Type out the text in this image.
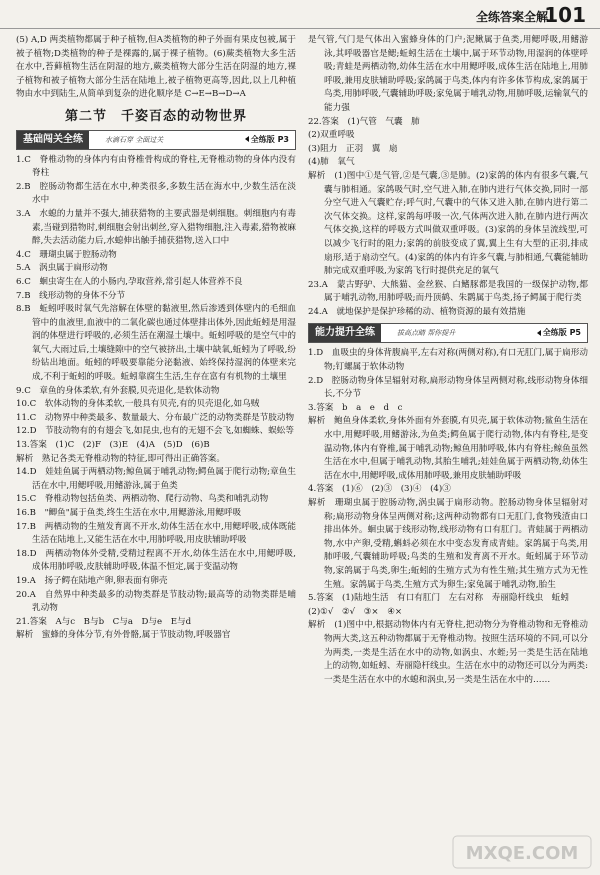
全练答案全解
101

(5) A,D 两类植物都属于种子植物,但A类植物的种子外面有果皮包被,属于被子植物;D类植物的种子是裸露的,属于裸子植物。(6)蕨类植物大多生活在水中,苔藓植物生活在阴湿的地方,蕨类植物大部分生活在阴湿的地方,裸子植物和被子植物大部分生活在陆地上,被子植物更高等,因此,以上几种植物由水中到陆生,从简单到复杂的进化顺序是 C→E→B→D→A

第二节　千姿百态的动物世界
基础闯关全练	水滴石穿 全面过关	全练版 P3

1.C　脊椎动物的身体内有由脊椎骨构成的脊柱,无脊椎动物的身体内没有脊柱

2.B　腔肠动物都生活在水中,种类很多,多数生活在海水中,少数生活在淡水中

3.A　水螅的力量并不强大,捕获猎物的主要武器是刺细胞。刺细胞内有毒素,当碰到猎物时,刺细胞会射出刺丝,穿入猎物细胞,注入毒素,猎物被麻醉,失去活动能力后,水螅伸出触手捕获猎物,送入口中

4.C　珊瑚虫属于腔肠动物

5.A　涡虫属于扁形动物

6.C　蛔虫寄生在人的小肠内,孕取营养,常引起人体营养不良

7.B　线形动物的身体不分节

8.B　蚯蚓呼吸时氧气先溶解在体壁的黏液里,然后渗透到体壁内的毛细血管中的血液里,血液中的二氧化碳也通过体壁排出体外,因此蚯蚓是用湿润的体壁进行呼吸的,必须生活在潮湿土壤中。蚯蚓呼吸的是空气中的氧气,大雨过后,土壤缝隙中的空气被挤出,土壤中缺氧,蚯蚓为了呼吸,纷纷钻出地面。蚯蚓的呼吸要靠能分泌黏液、始终保持湿润的体壁来完成,不利于蚯蚓的呼吸。蚯蚓靠腐生生活,生存在富有有机物的土壤里

9.C　章鱼的身体柔软,有外套膜,贝壳退化,是软体动物

10.C　软体动物的身体柔软,一般具有贝壳,有的贝壳退化,如乌贼

11.C　动物界中种类最多、数量最大、分布最广泛的动物类群是节肢动物

12.D　节肢动物有的有翅会飞,如昆虫,也有的无翅不会飞,如蜘蛛、蜈蚣等

13.答案　(1)C　(2)F　(3)E　(4)A　(5)D　(6)B

解析　熟记各类无脊椎动物的特征,即可得出正确答案。

14.D　娃娃鱼属于两栖动物;鲸鱼属于哺乳动物;鳄鱼属于爬行动物;章鱼生活在水中,用鳃呼吸,用鳍游泳,属于鱼类

15.C　脊椎动物包括鱼类、两栖动物、爬行动物、鸟类和哺乳动物

16.B　"鲫鱼"属于鱼类,终生生活在水中,用鳃游泳,用鳃呼吸

17.B　两栖动物的生殖发育离不开水,幼体生活在水中,用鳃呼吸,成体既能生活在陆地上,又能生活在水中,用肺呼吸,用皮肤辅助呼吸

18.D　两栖动物体外受精,受精过程离不开水,幼体生活在水中,用鳃呼吸,成体用肺呼吸,皮肤辅助呼吸,体温不恒定,属于变温动物

19.A　扬子鳄在陆地产卵,卵表面有卵壳

20.A　自然界中种类最多的动物类群是节肢动物;最高等的动物类群是哺乳动物

21.答案　A与c　B与b　C与a　D与e　E与d

解析　蜜蜂的身体分节,有外骨骼,属于节肢动物,呼吸器官

是气管,气门是气体出入蜜蜂身体的门户;泥鳅属于鱼类,用鳃呼吸,用鳍游泳,其呼吸器官是鳃;蚯蚓生活在土壤中,属于环节动物,用湿润的体壁呼吸;青蛙是两栖动物,幼体生活在水中用鳃呼吸,成体生活在陆地上,用肺呼吸,兼用皮肤辅助呼吸;家鸽属于鸟类,体内有许多体节构成,家鸽属于鸟类,用肺呼吸,气囊辅助呼吸;家兔属于哺乳动物,用肺呼吸,运输氧气的能力强

22.答案　(1)气管　气囊　肺

(2)双重呼吸

(3)阻力　正羽　翼　扇

(4)肺　氧气

解析　(1)图中①是气管,②是气囊,③是肺。(2)家鸽的体内有很多气囊,气囊与肺相通。家鸽吸气时,空气进入肺,在肺内进行气体交换,同时一部分空气进入气囊贮存;呼气时,气囊中的气体又进入肺,在肺内进行第二次气体交换。这样,家鸽每呼吸一次,气体两次进入肺,在肺内进行两次气体交换,这样的呼吸方式叫做双重呼吸。(3)家鸽的身体呈流线型,可以减少飞行时的阻力;家鸽的前肢变成了翼,翼上生有大型的正羽,排成扇形,适于扇动空气。(4)家鸽的体内有许多气囊,与肺相通,气囊能辅助肺完成双重呼吸,为家鸽飞行时提供充足的氧气

23.A　蒙古野驴、大熊猫、金丝猴、白鳍豚都是我国的一级保护动物,都属于哺乳动物,用肺呼吸;而丹顶鹤、朱鹮属于鸟类,扬子鳄属于爬行类

24.A　就地保护是保护珍稀的动、植物资源的最有效措施

能力提升全练	拔高点睛 帮你提升	全练版 P5

1.D　血吸虫的身体背腹扁平,左右对称(两侧对称),有口无肛门,属于扁形动物;钉螺属于软体动物

2.D　腔肠动物身体呈辐射对称,扁形动物身体呈两侧对称,线形动物身体细长,不分节

3.答案　b　a　e　d　c

解析　鲍鱼身体柔软,身体外面有外套膜,有贝壳,属于软体动物;鲨鱼生活在水中,用鳃呼吸,用鳍游泳,为鱼类;鳄鱼属于爬行动物,体内有脊柱,是变温动物,体内有脊椎,属于哺乳动物;鲸鱼用肺呼吸,体内有脊柱;鲸鱼虽然生活在水中,但属于哺乳动物,其胎生哺乳;娃娃鱼属于两栖动物,幼体生活在水中,用鳃呼吸,成体用肺呼吸,兼用皮肤辅助呼吸

4.答案　(1)⑥　(2)③　(3)④　(4)③

解析　珊瑚虫属于腔肠动物,涡虫属于扁形动物。腔肠动物身体呈辐射对称;扁形动物身体呈两侧对称;这两种动物都有口无肛门,食物残渣由口排出体外。蛔虫属于线形动物,线形动物有口有肛门。青蛙属于两栖动物,水中产卵,受精,蝌蚪必须在水中变态发育成青蛙。家鸽属于鸟类,用肺呼吸,气囊辅助呼吸;鸟类的生殖和发育离不开水。蚯蚓属于环节动物,家鸽属于鸟类,卵生;蚯蚓的生殖方式为有性生殖;其生殖方式为无性生殖。家鸽属于鸟类,生殖方式为卵生;家兔属于哺乳动物,胎生

5.答案　(1)陆地生活　有口有肛门　左右对称　寿丽隐杆线虫　蚯蚓

(2)①√　②√　③×　④×

解析　(1)图中中,根据动物体内有无脊柱,把动物分为脊椎动物和无脊椎动物两大类,这五种动物都属于无脊椎动物。按照生活环境的不同,可以分为两类,一类是生活在水中的动物,如涡虫、水蛭;另一类是生活在陆地上的动物,如蚯蚓、寿丽隐杆线虫。生活在水中的动物还可以分为两类:一类是生活在水中的水螅和涡虫,另一类是生活在水中的……

MXQE.COM
